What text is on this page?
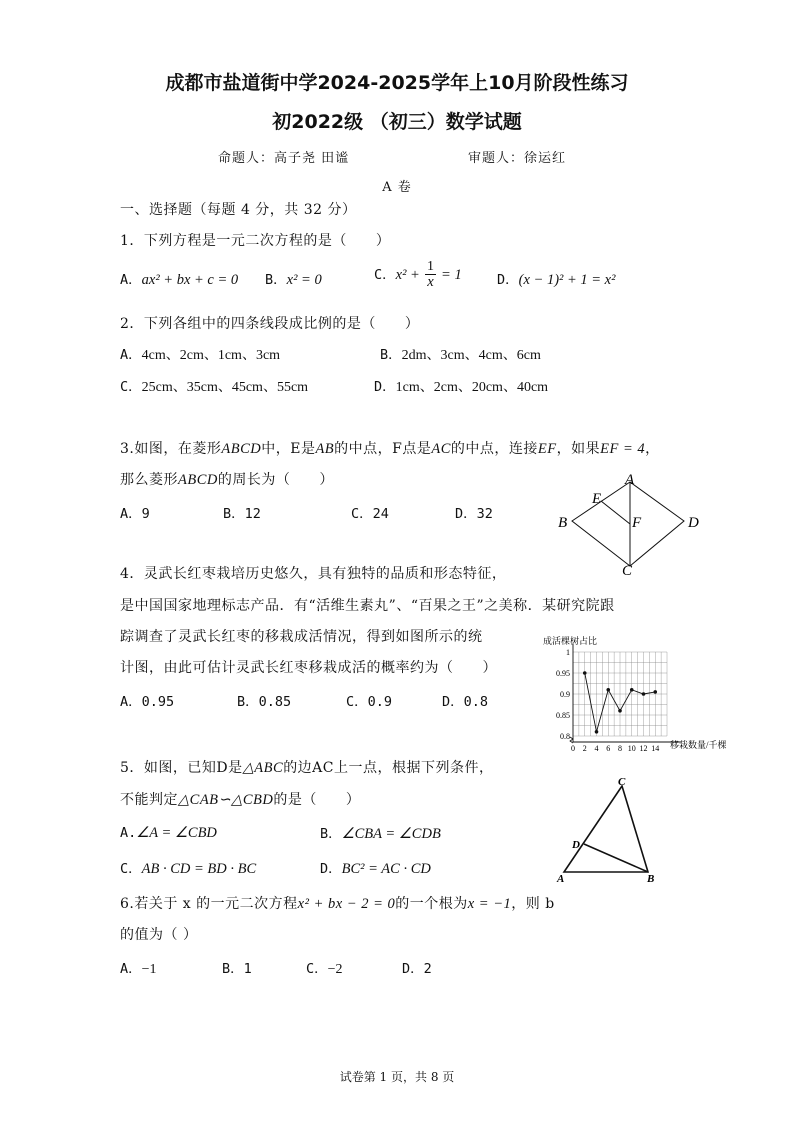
成都市盐道街中学2024-2025学年上10月阶段性练习
初2022级 （初三）数学试题
命题人：高子尧 田谧	审题人：徐运红
A 卷
一、选择题（每题 4 分，共 32 分）
1．下列方程是一元二次方程的是（　　）
A．ax² + bx + c = 0 B．x² = 0	C．$x^2 + \frac{1}{x} = 1$	D．(x − 1)² + 1 = x²
2．下列各组中的四条线段成比例的是（　　）
A．4cm、2cm、1cm、3cm	B．2dm、3cm、4cm、6cm
C．25cm、35cm、45cm、55cm	D．1cm、2cm、20cm、40cm
3.如图，在菱形ABCD中，E是AB的中点，F点是AC的中点，连接EF，如果EF = 4，
那么菱形ABCD的周长为（　　）
A．9	B．12	C．24	D．32
A
B
C
D
E
F
4．灵武长红枣栽培历史悠久，具有独特的品质和形态特征，
是中国国家地理标志产品．有“活维生素丸”、“百果之王”之美称．某研究院跟
踪调查了灵武长红枣的移栽成活情况，得到如图所示的统
计图，由此可估计灵武长红枣移栽成活的概率约为（　　）
A．0.95	B．0.85	C．0.9	D．0.8
成活棵树占比
0.8
0.85
0.9
0.95
1
0 2 4 6 8 10 12 14 移栽数量/千棵
5．如图，已知D是△ABC的边AC上一点，根据下列条件，
不能判定△CAB∽△CBD的是（　　）
A.∠A = ∠CBD	B．∠CBA = ∠CDB
C．AB · CD = BD · BC	D．BC² = AC · CD
C
D
A	B
6.若关于 x 的一元二次方程x² + bx − 2 = 0的一个根为x = −1，则 b
的值为（ ）
A．−1	B．1	C．−2	D．2
试卷第 1 页，共 8 页
